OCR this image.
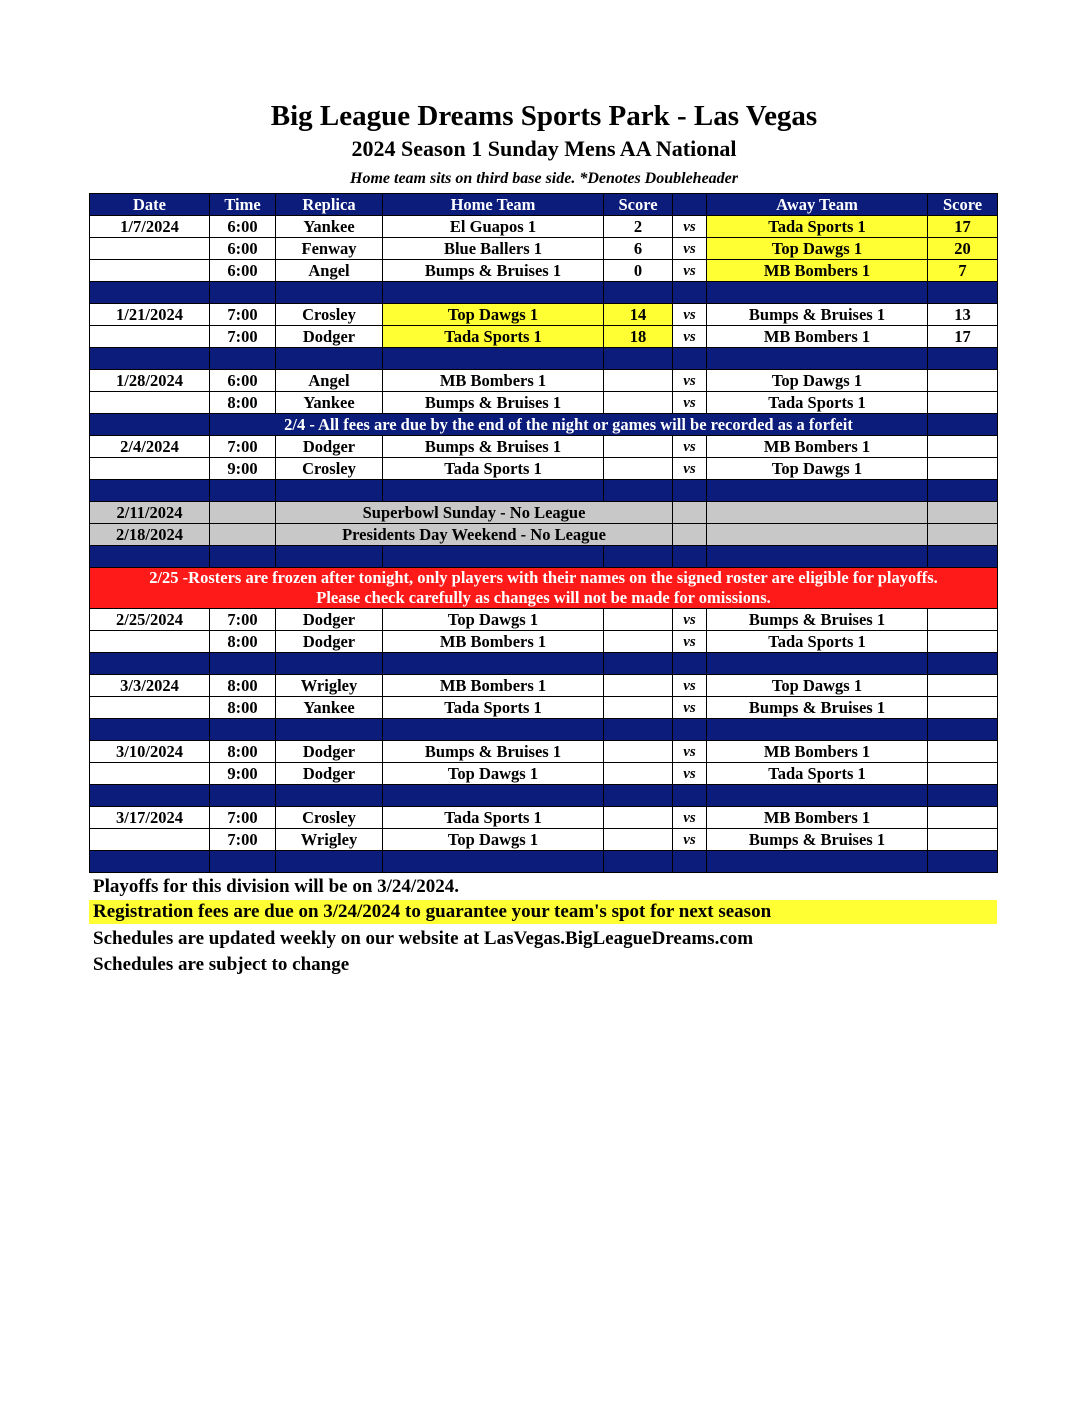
Big League Dreams Sports Park - Las Vegas
2024 Season 1 Sunday Mens AA National
Home team sits on third base side. *Denotes Doubleheader
Date	Time	Replica	Home Team	Score		Away Team	Score
1/7/2024	6:00	Yankee	El Guapos 1	2	vs	Tada Sports 1	17
	6:00	Fenway	Blue Ballers 1	6	vs	Top Dawgs 1	20
	6:00	Angel	Bumps & Bruises 1	0	vs	MB Bombers 1	7

1/21/2024	7:00	Crosley	Top Dawgs 1	14	vs	Bumps & Bruises 1	13
	7:00	Dodger	Tada Sports 1	18	vs	MB Bombers 1	17

1/28/2024	6:00	Angel	MB Bombers 1		vs	Top Dawgs 1	
	8:00	Yankee	Bumps & Bruises 1		vs	Tada Sports 1	
	2/4 - All fees are due by the end of the night or games will be recorded as a forfeit						
2/4/2024	7:00	Dodger	Bumps & Bruises 1		vs	MB Bombers 1	
	9:00	Crosley	Tada Sports 1		vs	Top Dawgs 1	

2/11/2024		Superbowl Sunday - No League					
2/18/2024		Presidents Day Weekend - No League					

2/25 -Rosters are frozen after tonight, only players with their names on the signed roster are eligible for playoffs.
Please check carefully as changes will not be made for omissions.							

2/25/2024	7:00	Dodger	Top Dawgs 1		vs	Bumps & Bruises 1	
	8:00	Dodger	MB Bombers 1		vs	Tada Sports 1	

3/3/2024	8:00	Wrigley	MB Bombers 1		vs	Top Dawgs 1	
	8:00	Yankee	Tada Sports 1		vs	Bumps & Bruises 1	

3/10/2024	8:00	Dodger	Bumps & Bruises 1		vs	MB Bombers 1	
	9:00	Dodger	Top Dawgs 1		vs	Tada Sports 1	

3/17/2024	7:00	Crosley	Tada Sports 1		vs	MB Bombers 1	
	7:00	Wrigley	Top Dawgs 1		vs	Bumps & Bruises 1	

Playoffs for this division will be on 3/24/2024.
Registration fees are due on 3/24/2024 to guarantee your team's spot for next season
Schedules are updated weekly on our website at LasVegas.BigLeagueDreams.com
Schedules are subject to change
